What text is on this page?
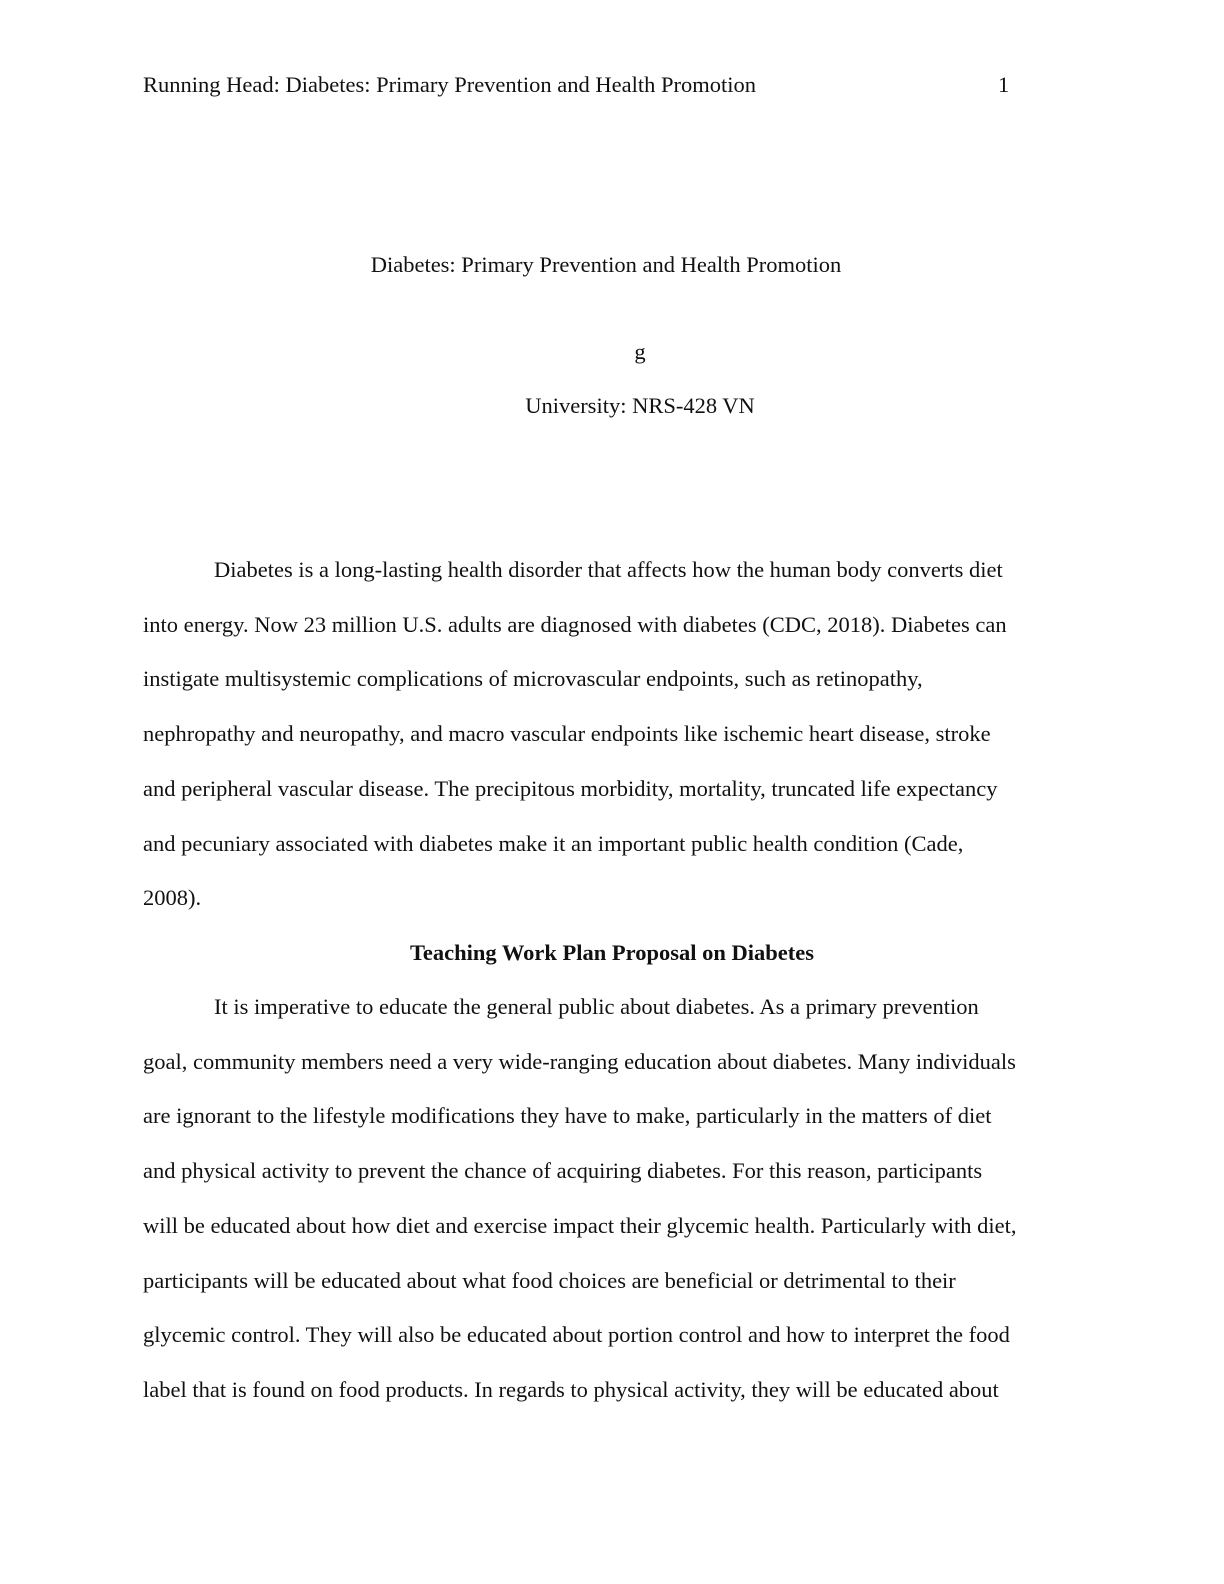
Running Head: Diabetes: Primary Prevention and Health Promotion	1
Diabetes: Primary Prevention and Health Promotion
g
University: NRS-428 VN
Diabetes is a long-lasting health disorder that affects how the human body converts diet
into energy. Now 23 million U.S. adults are diagnosed with diabetes (CDC, 2018). Diabetes can
instigate multisystemic complications of microvascular endpoints, such as retinopathy,
nephropathy and neuropathy, and macro vascular endpoints like ischemic heart disease, stroke
and peripheral vascular disease. The precipitous morbidity, mortality, truncated life expectancy
and pecuniary associated with diabetes make it an important public health condition (Cade,
2008).
Teaching Work Plan Proposal on Diabetes
It is imperative to educate the general public about diabetes. As a primary prevention
goal, community members need a very wide-ranging education about diabetes. Many individuals
are ignorant to the lifestyle modifications they have to make, particularly in the matters of diet
and physical activity to prevent the chance of acquiring diabetes. For this reason, participants
will be educated about how diet and exercise impact their glycemic health. Particularly with diet,
participants will be educated about what food choices are beneficial or detrimental to their
glycemic control. They will also be educated about portion control and how to interpret the food
label that is found on food products. In regards to physical activity, they will be educated about
